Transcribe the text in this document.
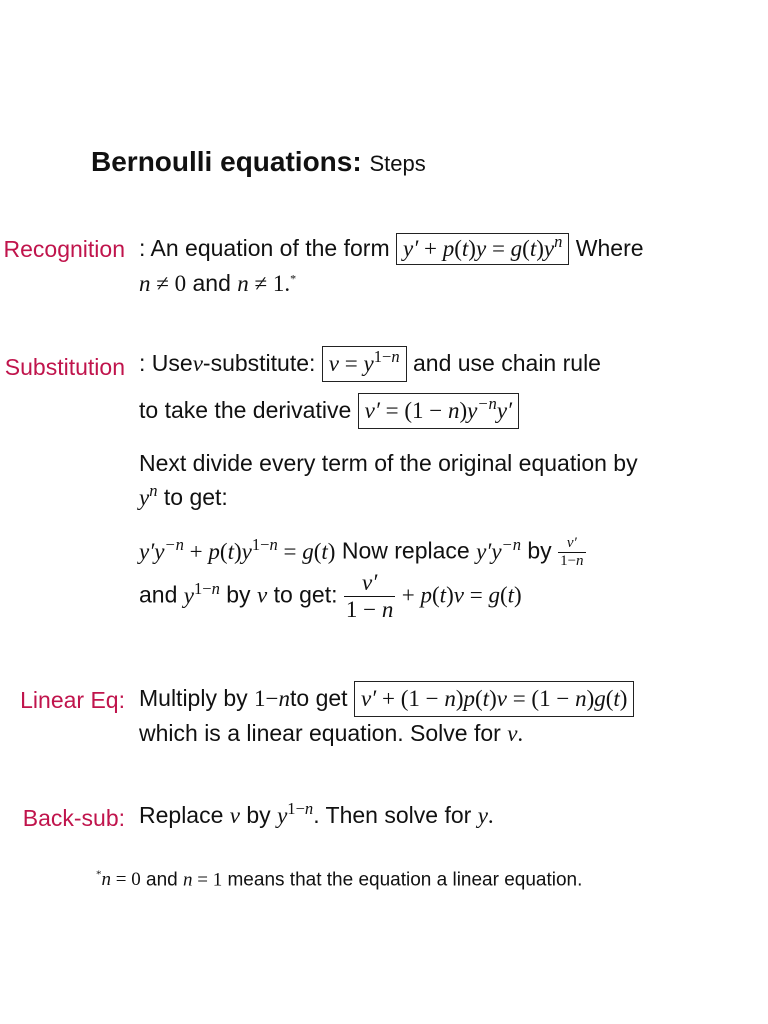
Bernoulli equations: Steps
Recognition : An equation of the form $y' + p(t)y = g(t)y^n$ Where
n ≠ 0 and n ≠ 1.*
Substitution : Usev-substitute: $v = y^{1-n}$ and use chain rule
to take the derivative $v' = (1 - n)y^{-n}y'$
Next divide every term of the original equation by
$y^n$ to get:
$y'y^{-n} + p(t)y^{1-n} = g(t)$ Now replace $y'y^{-n}$ by $\frac{v'}{1-n}$
and $y^{1-n}$ by v to get: $\frac{v'}{1 - n} + p(t)v = g(t)$
Linear Eq: Multiply by 1−nto get v′ + (1 − n)p(t)v = (1 − n)g(t)
which is a linear equation. Solve for v.
Back-sub: Replace v by $y^{1-n}$. Then solve for y.
*n = 0 and n = 1 means that the equation a linear equation.
